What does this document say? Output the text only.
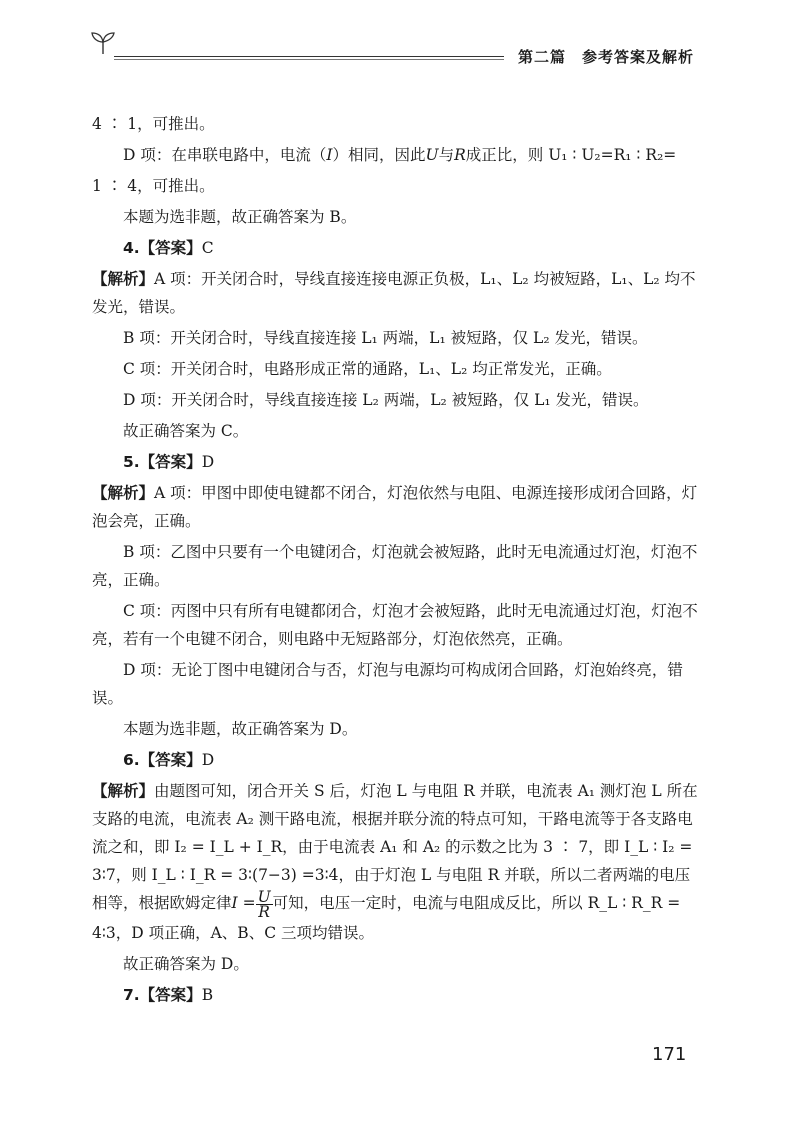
第二篇　参考答案及解析

4 ∶ 1，可推出。

D 项：在串联电路中，电流（I）相同，因此U与R成正比，则 U₁ ∶ U₂=R₁ ∶ R₂=

1 ∶ 4，可推出。

本题为选非题，故正确答案为 B。

4.【答案】C

【解析】A 项：开关闭合时，导线直接连接电源正负极，L₁、L₂ 均被短路，L₁、L₂ 均不发光，错误。

B 项：开关闭合时，导线直接连接 L₁ 两端，L₁ 被短路，仅 L₂ 发光，错误。

C 项：开关闭合时，电路形成正常的通路，L₁、L₂ 均正常发光，正确。

D 项：开关闭合时，导线直接连接 L₂ 两端，L₂ 被短路，仅 L₁ 发光，错误。

故正确答案为 C。

5.【答案】D

【解析】A 项：甲图中即使电键都不闭合，灯泡依然与电阻、电源连接形成闭合回路，灯泡会亮，正确。

B 项：乙图中只要有一个电键闭合，灯泡就会被短路，此时无电流通过灯泡，灯泡不亮，正确。

C 项：丙图中只有所有电键都闭合，灯泡才会被短路，此时无电流通过灯泡，灯泡不亮，若有一个电键不闭合，则电路中无短路部分，灯泡依然亮，正确。

D 项：无论丁图中电键闭合与否，灯泡与电源均可构成闭合回路，灯泡始终亮，错误。

本题为选非题，故正确答案为 D。

6.【答案】D

【解析】由题图可知，闭合开关 S 后，灯泡 L 与电阻 R 并联，电流表 A₁ 测灯泡 L 所在支路的电流，电流表 A₂ 测干路电流，根据并联分流的特点可知，干路电流等于各支路电流之和，即 I₂ = I_L + I_R，由于电流表 A₁ 和 A₂ 的示数之比为 3 ∶ 7，即 I_L ∶ I₂ = 3∶7，则 I_L ∶ I_R = 3∶(7−3) =3∶4，由于灯泡 L 与电阻 R 并联，所以二者两端的电压相等，根据欧姆定律$I = \frac{U}{R}$ 可知，电压一定时，电流与电阻成反比，所以 R_L ∶ R_R = 4∶3，D 项正确，A、B、C 三项均错误。

故正确答案为 D。

7.【答案】B

171
